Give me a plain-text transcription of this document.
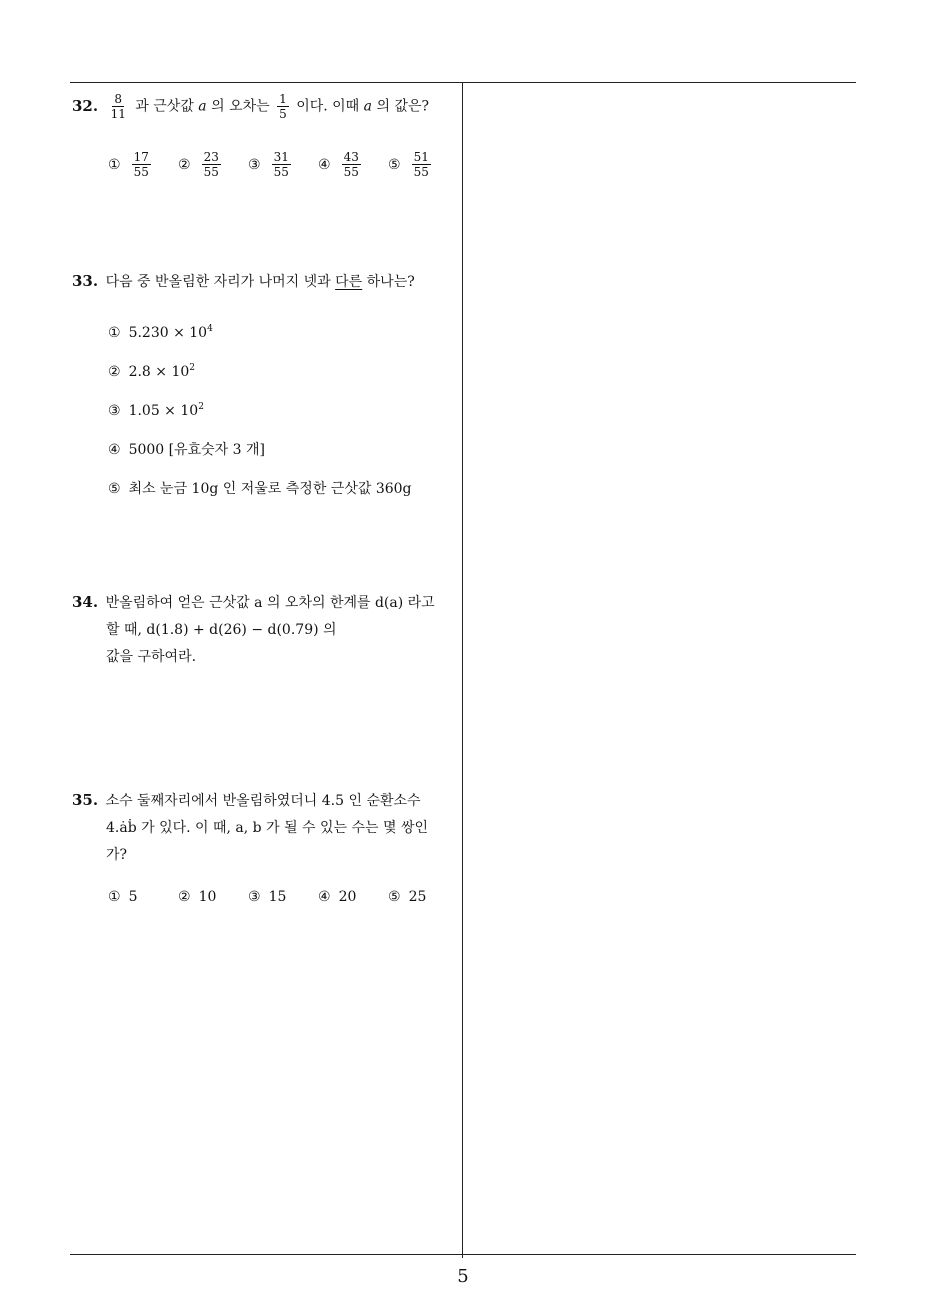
32. $\frac{8}{11}$ 과 근삿값 a 의 오차는 $\frac{1}{5}$ 이다. 이때 a 의 값은?
① $\frac{17}{55}$ ② $\frac{23}{55}$ ③ $\frac{31}{55}$ ④ $\frac{43}{55}$ ⑤ $\frac{51}{55}$
33. 다음 중 반올림한 자리가 나머지 넷과 다른 하나는?
① $5.230 \times 10^4$
② $2.8 \times 10^2$
③ $1.05 \times 10^2$
④ 5000 [유효숫자 3 개]
⑤ 최소 눈금 10g 인 저울로 측정한 근삿값 360g
34. 반올림하여 얻은 근삿값 a 의 오차의 한계를 d(a) 라고
할 때, d(1.8) + d(26) − d(0.79) 의
값을 구하여라.
35. 소수 둘째자리에서 반올림하였더니 4.5 인 순환소수
4.ȧḃ 가 있다. 이 때, a, b 가 될 수 있는 수는 몇 쌍인
가?
① 5	② 10 ③ 15 ④ 20 ⑤ 25
5
